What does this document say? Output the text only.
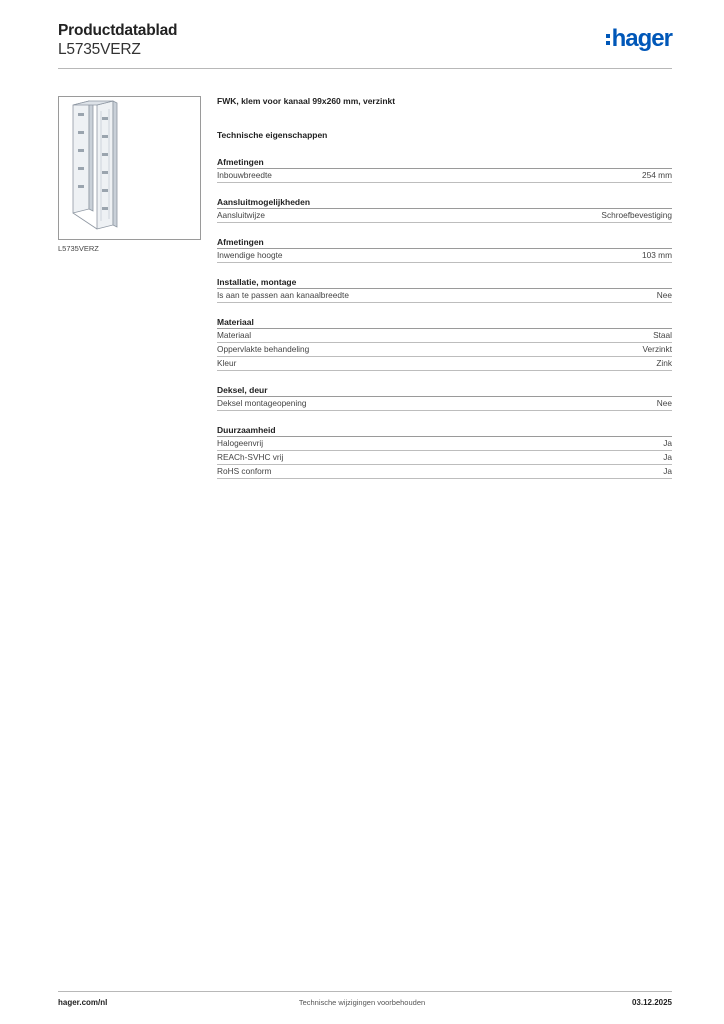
Productdatablad
L5735VERZ	hager
L5735VERZ
FWK, klem voor kanaal 99x260 mm, verzinkt
Technische eigenschappen
Afmetingen
Inbouwbreedte	254 mm
Aansluitmogelijkheden
Aansluitwijze	Schroefbevestiging
Afmetingen
Inwendige hoogte	103 mm
Installatie, montage
Is aan te passen aan kanaalbreedte	Nee
Materiaal
Materiaal	Staal
Oppervlakte behandeling	Verzinkt
Kleur	Zink
Deksel, deur
Deksel montageopening	Nee
Duurzaamheid
Halogeenvrij	Ja
REACh-SVHC vrij	Ja
RoHS conform	Ja
hager.com/nl	Technische wijzigingen voorbehouden	03.12.2025
